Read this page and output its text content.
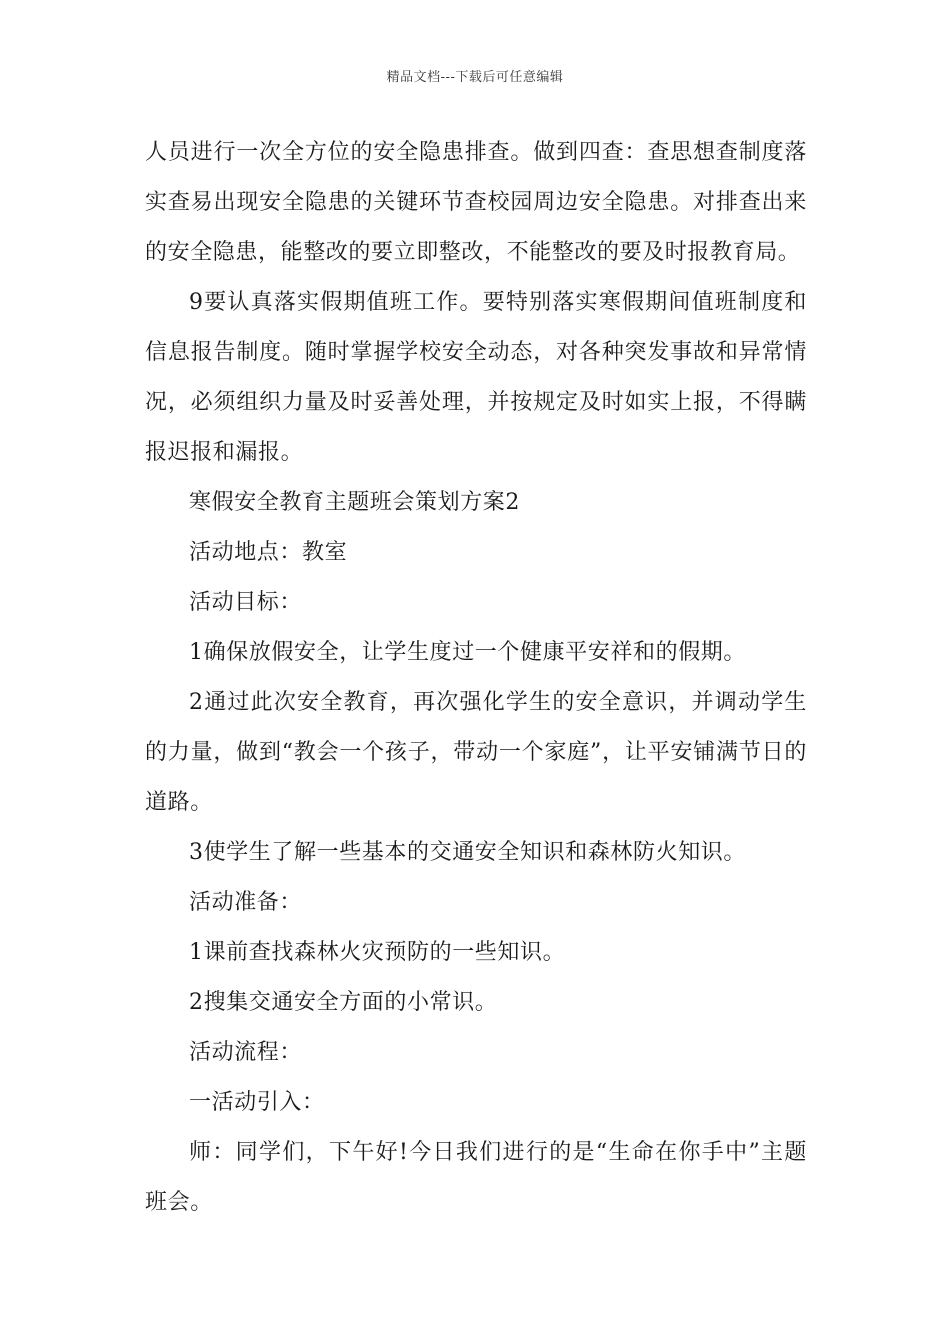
精品文档---下载后可任意编辑

人员进行一次全方位的安全隐患排查。做到四查：查思想查制度落实查易出现安全隐患的关键环节查校园周边安全隐患。对排查出来的安全隐患，能整改的要立即整改，不能整改的要及时报教育局。

9要认真落实假期值班工作。要特别落实寒假期间值班制度和信息报告制度。随时掌握学校安全动态，对各种突发事故和异常情况，必须组织力量及时妥善处理，并按规定及时如实上报，不得瞒报迟报和漏报。

寒假安全教育主题班会策划方案2

活动地点：教室

活动目标：

1确保放假安全，让学生度过一个健康平安祥和的假期。

2通过此次安全教育，再次强化学生的安全意识，并调动学生的力量，做到“教会一个孩子，带动一个家庭”，让平安铺满节日的道路。

3使学生了解一些基本的交通安全知识和森林防火知识。

活动准备：

1课前查找森林火灾预防的一些知识。

2搜集交通安全方面的小常识。

活动流程：

一活动引入：

师：同学们，下午好!今日我们进行的是“生命在你手中”主题班会。
